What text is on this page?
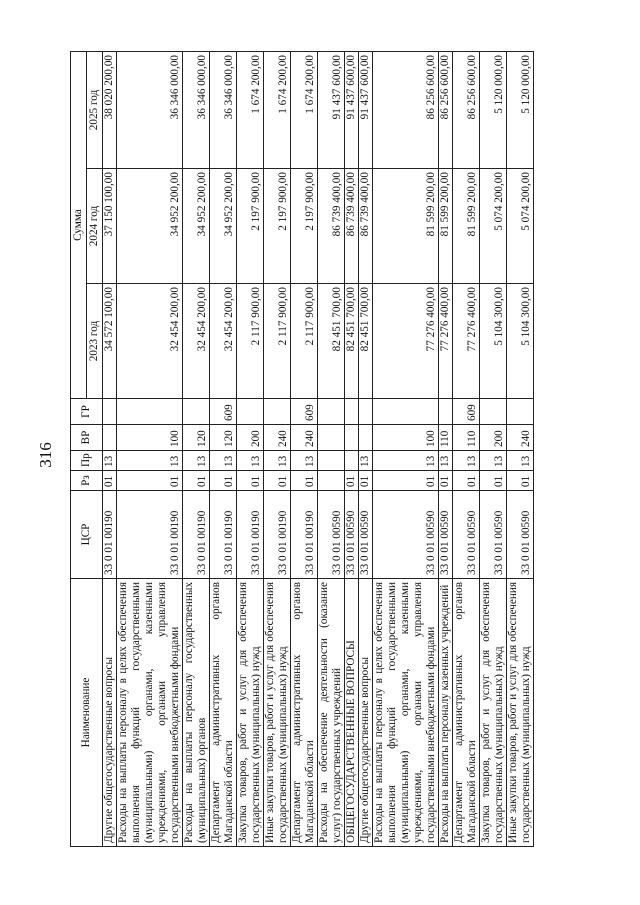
316
Наименование	ЦСР	Рз	Пр	ВР	ГР	Сумма		
						2023 год	2024 год	2025 год
Другие общегосударственные вопросы	33 0 01 00190	01	13			34 572 100,00	37 150 100,00	38 020 200,00
Расходы на выплаты персоналу в целях обеспечения выполнения функций государственными (муниципальными) органами, казенными учреждениями, органами управления государственными внебюджетными фондами	33 0 01 00190	01	13	100		32 454 200,00	34 952 200,00	36 346 000,00
Расходы на выплаты персоналу государственных (муниципальных) органов	33 0 01 00190	01	13	120		32 454 200,00	34 952 200,00	36 346 000,00
Департамент административных органов Магаданской области	33 0 01 00190	01	13	120	609	32 454 200,00	34 952 200,00	36 346 000,00
Закупка товаров, работ и услуг для обеспечения государственных (муниципальных) нужд	33 0 01 00190	01	13	200		2 117 900,00	2 197 900,00	1 674 200,00
Иные закупки товаров, работ и услуг для обеспечения государственных (муниципальных) нужд	33 0 01 00190	01	13	240		2 117 900,00	2 197 900,00	1 674 200,00
Департамент административных органов Магаданской области	33 0 01 00190	01	13	240	609	2 117 900,00	2 197 900,00	1 674 200,00
Расходы на обеспечение деятельности (оказание услуг) государственных учреждений	33 0 01 00590					82 451 700,00	86 739 400,00	91 437 600,00
ОБЩЕГОСУДАРСТВЕННЫЕ ВОПРОСЫ	33 0 01 00590	01				82 451 700,00	86 739 400,00	91 437 600,00
Другие общегосударственные вопросы	33 0 01 00590	01	13			82 451 700,00	86 739 400,00	91 437 600,00
Расходы на выплаты персоналу в целях обеспечения выполнения функций государственными (муниципальными) органами, казенными учреждениями, органами управления государственными внебюджетными фондами	33 0 01 00590	01	13	100		77 276 400,00	81 599 200,00	86 256 600,00
Расходы на выплаты персоналу казенных учреждений	33 0 01 00590	01	13	110		77 276 400,00	81 599 200,00	86 256 600,00
Департамент административных органов Магаданской области	33 0 01 00590	01	13	110	609	77 276 400,00	81 599 200,00	86 256 600,00
Закупка товаров, работ и услуг для обеспечения государственных (муниципальных) нужд	33 0 01 00590	01	13	200		5 104 300,00	5 074 200,00	5 120 000,00
Иные закупки товаров, работ и услуг для обеспечения государственных (муниципальных) нужд	33 0 01 00590	01	13	240		5 104 300,00	5 074 200,00	5 120 000,00
